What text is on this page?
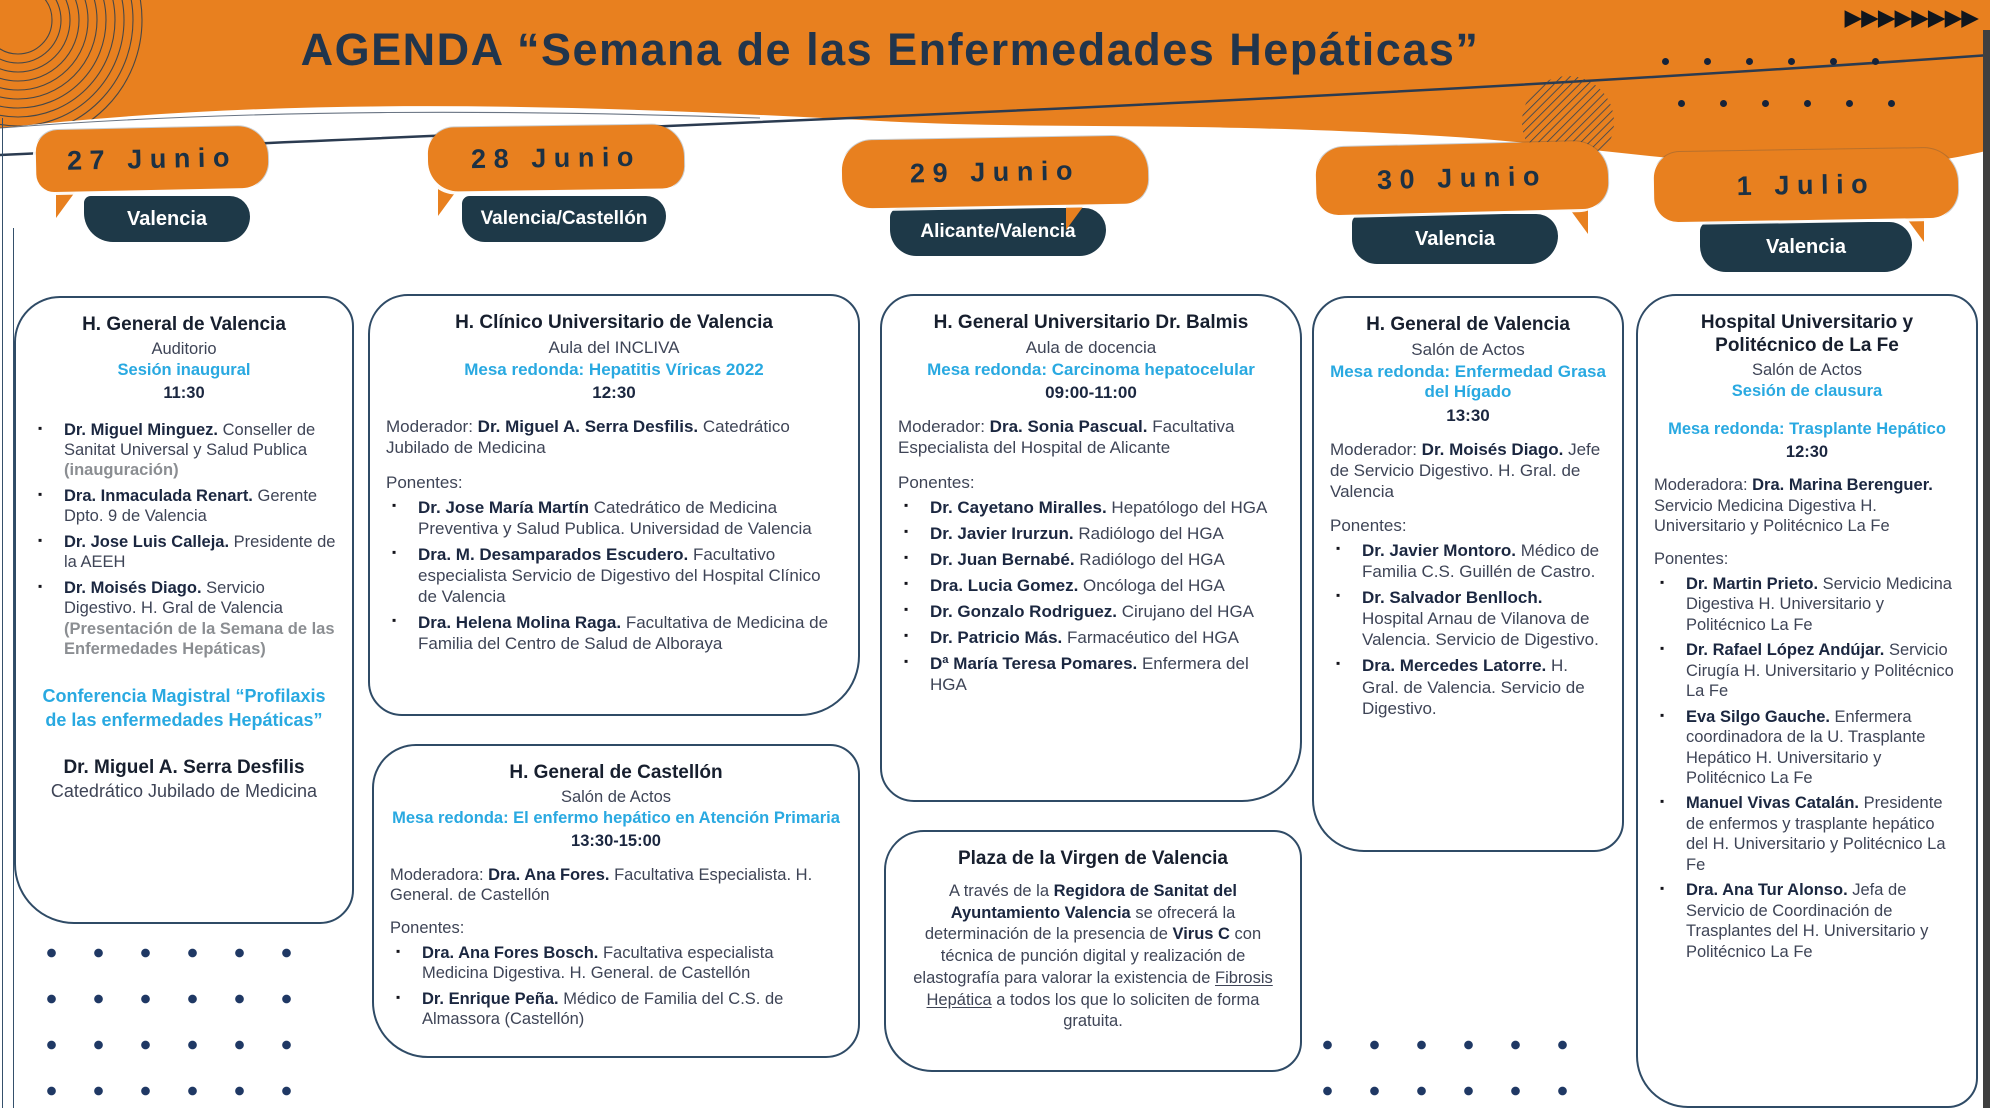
AGENDA “Semana de las Enfermedades Hepáticas”
▶▶▶▶▶▶▶▶
Valencia
27 Junio
Valencia/Castellón
28 Junio
Alicante/Valencia
29 Junio
Valencia
30 Junio
Valencia
1 Julio
H. General de Valencia
Auditorio
Sesión inaugural
11:30
▪ Dr. Miguel Minguez. Conseller de Sanitat Universal y Salud Publica (inauguración)
▪ Dra. Inmaculada Renart. Gerente Dpto. 9 de Valencia
▪ Dr. Jose Luis Calleja. Presidente de la AEEH
▪ Dr. Moisés Diago. Servicio Digestivo. H. Gral de Valencia (Presentación de la Semana de las Enfermedades Hepáticas)
Conferencia Magistral “Profilaxis de las enfermedades Hepáticas”
Dr. Miguel A. Serra Desfilis
Catedrático Jubilado de Medicina
H. Clínico Universitario de Valencia
Aula del INCLIVA
Mesa redonda: Hepatitis Víricas 2022
12:30

Moderador: Dr. Miguel A. Serra Desfilis. Catedrático Jubilado de Medicina

Ponentes:

▪ Dr. Jose María Martín Catedrático de Medicina Preventiva y Salud Publica. Universidad de Valencia
▪ Dra. M. Desamparados Escudero. Facultativo especialista Servicio de Digestivo del Hospital Clínico de Valencia
▪ Dra. Helena Molina Raga. Facultativa de Medicina de Familia del Centro de Salud de Alboraya
H. General de Castellón
Salón de Actos
Mesa redonda: El enfermo hepático en Atención Primaria
13:30-15:00

Moderadora: Dra. Ana Fores. Facultativa Especialista. H. General. de Castellón

Ponentes:

▪ Dra. Ana Fores Bosch. Facultativa especialista Medicina Digestiva. H. General. de Castellón
▪ Dr. Enrique Peña. Médico de Familia del C.S. de Almassora (Castellón)
H. General Universitario Dr. Balmis
Aula de docencia
Mesa redonda: Carcinoma hepatocelular
09:00-11:00

Moderador: Dra. Sonia Pascual. Facultativa Especialista del Hospital de Alicante

Ponentes:

▪ Dr. Cayetano Miralles. Hepatólogo del HGA
▪ Dr. Javier Irurzun. Radiólogo del HGA
▪ Dr. Juan Bernabé. Radiólogo del HGA
▪ Dra. Lucia Gomez. Oncóloga del HGA
▪ Dr. Gonzalo Rodriguez. Cirujano del HGA
▪ Dr. Patricio Más. Farmacéutico del HGA
▪ Dª María Teresa Pomares. Enfermera del HGA
Plaza de la Virgen de Valencia

A través de la Regidora de Sanitat del Ayuntamiento Valencia se ofrecerá la determinación de la presencia de Virus C con técnica de punción digital y realización de elastografía para valorar la existencia de Fibrosis Hepática a todos los que lo soliciten de forma gratuita.

H. General de Valencia
Salón de Actos
Mesa redonda: Enfermedad Grasa del Hígado
13:30

Moderador: Dr. Moisés Diago. Jefe de Servicio Digestivo. H. Gral. de Valencia

Ponentes:

▪ Dr. Javier Montoro. Médico de Familia C.S. Guillén de Castro.
▪ Dr. Salvador Benlloch. Hospital Arnau de Vilanova de Valencia. Servicio de Digestivo.
▪ Dra. Mercedes Latorre. H. Gral. de Valencia. Servicio de Digestivo.
Hospital Universitario y Politécnico de La Fe
Salón de Actos
Sesión de clausura
Mesa redonda: Trasplante Hepático
12:30

Moderadora: Dra. Marina Berenguer. Servicio Medicina Digestiva H. Universitario y Politécnico La Fe

Ponentes:

▪ Dr. Martin Prieto. Servicio Medicina Digestiva H. Universitario y Politécnico La Fe
▪ Dr. Rafael López Andújar. Servicio Cirugía H. Universitario y Politécnico La Fe
▪ Eva Silgo Gauche. Enfermera coordinadora de la U. Trasplante Hepático H. Universitario y Politécnico La Fe
▪ Manuel Vivas Catalán. Presidente de enfermos y trasplante hepático del H. Universitario y Politécnico La Fe
▪ Dra. Ana Tur Alonso. Jefa de Servicio de Coordinación de Trasplantes del H. Universitario y Politécnico La Fe
